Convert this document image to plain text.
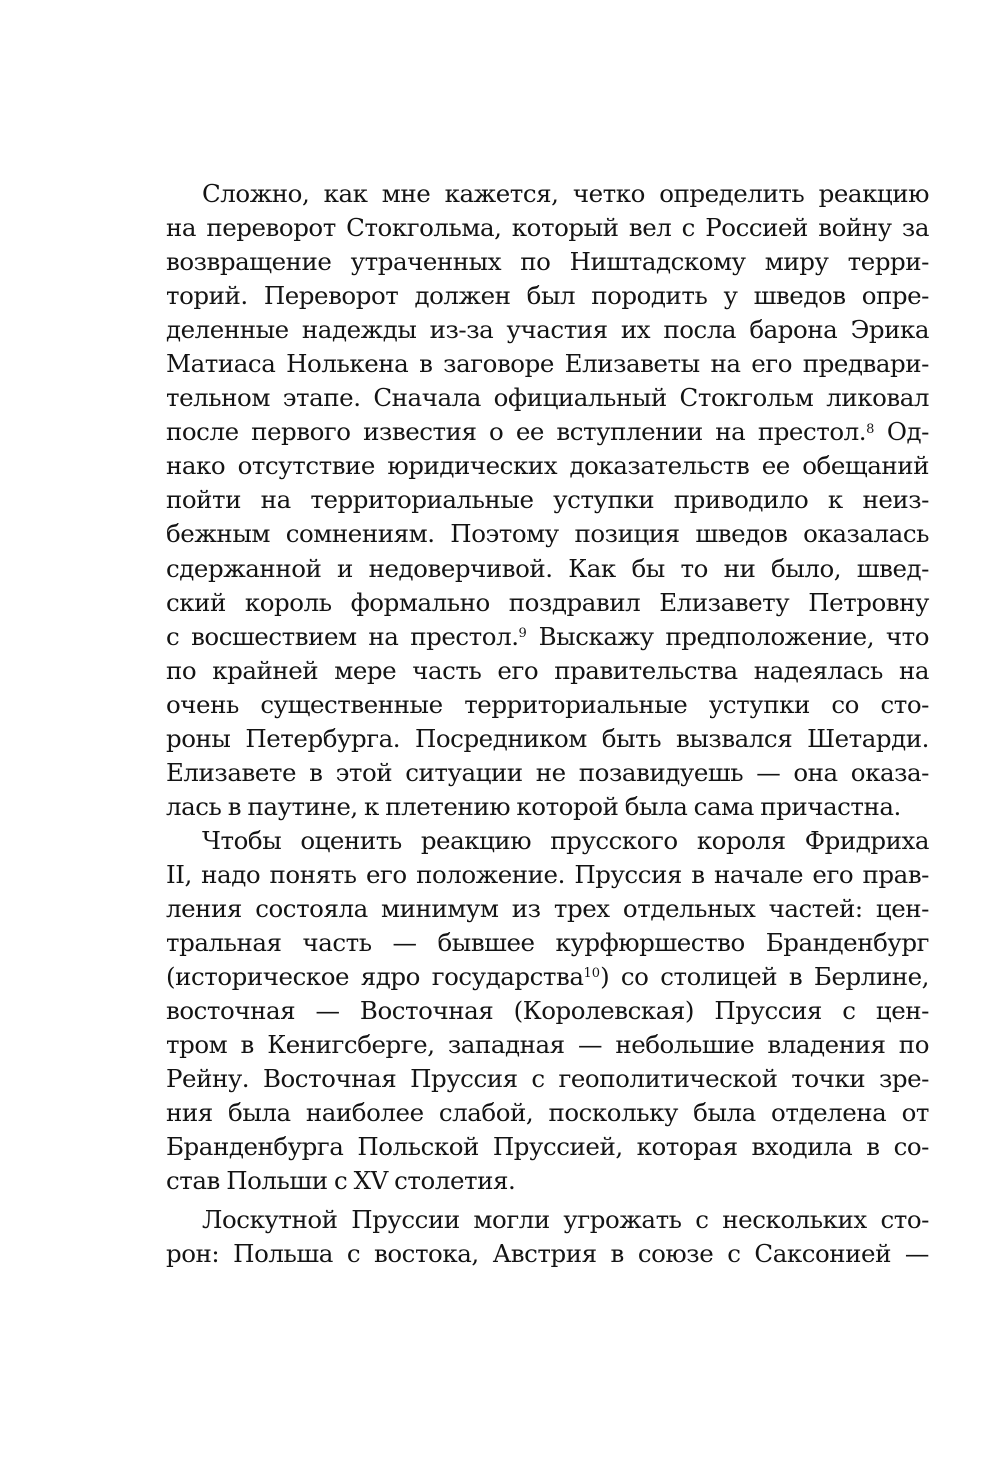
Сложно, как мне кажется, четко определить реакцию
на переворот Стокгольма, который вел с Россией войну за
возвращение утраченных по Ништадскому миру терри-
торий. Переворот должен был породить у шведов опре-
деленные надежды из-за участия их посла барона Эрика
Матиаса Нолькена в заговоре Елизаветы на его предвари-
тельном этапе. Сначала официальный Стокгольм ликовал
после первого известия о ее вступлении на престол.$^8$ Од-
нако отсутствие юридических доказательств ее обещаний
пойти на территориальные уступки приводило к неиз-
бежным сомнениям. Поэтому позиция шведов оказалась
сдержанной и недоверчивой. Как бы то ни было, швед-
ский король формально поздравил Елизавету Петровну
с восшествием на престол.$^9$ Выскажу предположение, что
по крайней мере часть его правительства надеялась на
очень существенные территориальные уступки со сто-
роны Петербурга. Посредником быть вызвался Шетарди.
Елизавете в этой ситуации не позавидуешь — она оказа-
лась в паутине, к плетению которой была сама причастна.
Чтобы оценить реакцию прусского короля Фридриха
II, надо понять его положение. Пруссия в начале его прав-
ления состояла минимум из трех отдельных частей: цен-
тральная часть — бывшее курфюршество Бранденбург
(историческое ядро государства$^{10}$) со столицей в Берлине,
восточная — Восточная (Королевская) Пруссия с цен-
тром в Кенигсберге, западная — небольшие владения по
Рейну. Восточная Пруссия с геополитической точки зре-
ния была наиболее слабой, поскольку была отделена от
Бранденбурга Польской Пруссией, которая входила в со-
став Польши с XV столетия.
Лоскутной Пруссии могли угрожать с нескольких сто-
рон: Польша с востока, Австрия в союзе с Саксонией —
